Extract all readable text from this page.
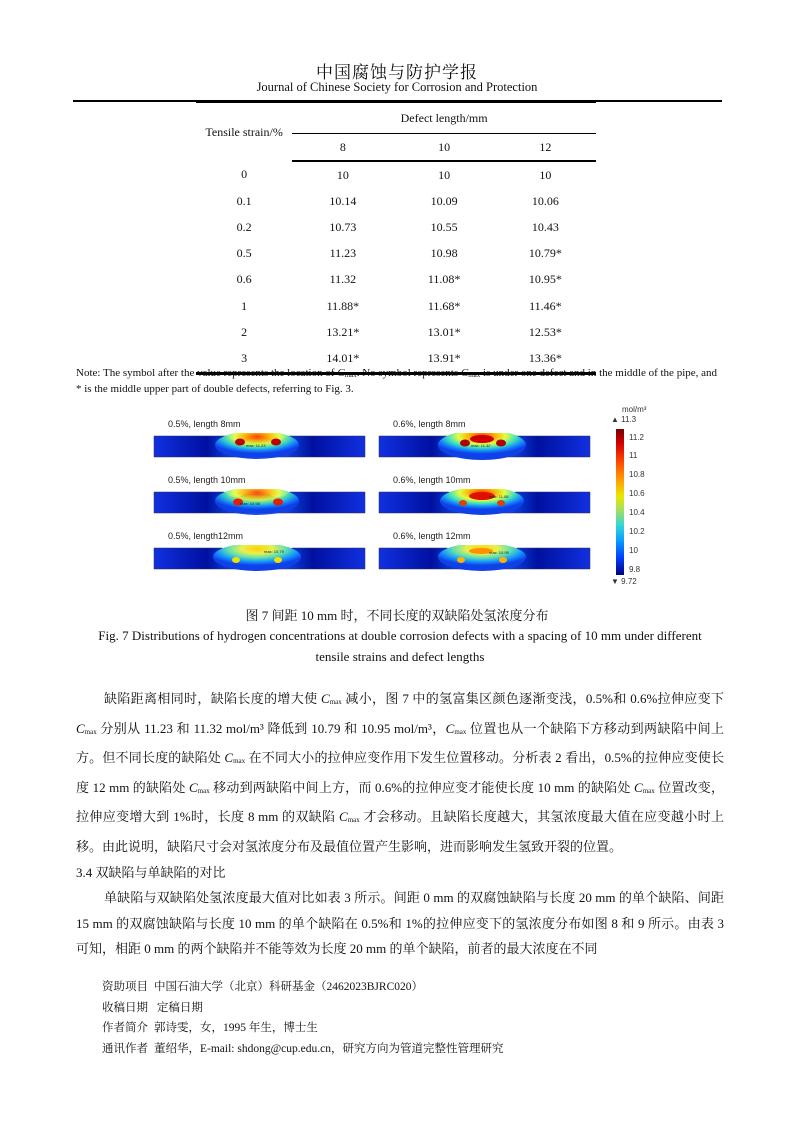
中国腐蚀与防护学报
Journal of Chinese Society for Corrosion and Protection
Tensile strain/%	Defect length/mm		
	8	10	12
0	10	10	10
0.1	10.14	10.09	10.06
0.2	10.73	10.55	10.43
0.5	11.23	10.98	10.79*
0.6	11.32	11.08*	10.95*
1	11.88*	11.68*	11.46*
2	13.21*	13.01*	12.53*
3	14.01*	13.91*	13.36*
Note: The symbol after the value represents the location of $C_{max}$. No symbol represents $C_{max}$ is under one defect and in the middle of the pipe, and * is the middle upper part of double defects, referring to Fig. 3.
0.5%, length 8mm
max: 11.23
0.6%, length 8mm
max: 11.32
0.5%, length 10mm
max: 10.98
0.6%, length 10mm
max: 11.08
0.5%, length12mm
max: 10.79
0.6%, length 12mm
max: 10.95
mol/m³
▲ 11.3
11.2
11
10.8
10.6
10.4
10.2
10
9.8
▼ 9.72
图 7 间距 10 mm 时，不同长度的双缺陷处氢浓度分布
Fig. 7 Distributions of hydrogen concentrations at double corrosion defects with a spacing of 10 mm under different tensile strains and defect lengths

缺陷距离相同时，缺陷长度的增大使 $C_{max}$ 减小，图 7 中的氢富集区颜色逐渐变浅，0.5%和 0.6%拉伸应变下 $C_{max}$ 分别从 11.23 和 11.32 mol/m³ 降低到 10.79 和 10.95 mol/m³，$C_{max}$ 位置也从一个缺陷下方移动到两缺陷中间上方。但不同长度的缺陷处 $C_{max}$ 在不同大小的拉伸应变作用下发生位置移动。分析表 2 看出，0.5%的拉伸应变使长度 12 mm 的缺陷处 $C_{max}$ 移动到两缺陷中间上方，而 0.6%的拉伸应变才能使长度 10 mm 的缺陷处 $C_{max}$ 位置改变，拉伸应变增大到 1%时，长度 8 mm 的双缺陷 $C_{max}$ 才会移动。且缺陷长度越大，其氢浓度最大值在应变越小时上移。由此说明，缺陷尺寸会对氢浓度分布及最值位置产生影响，进而影响发生氢致开裂的位置。

3.4 双缺陷与单缺陷的对比

单缺陷与双缺陷处氢浓度最大值对比如表 3 所示。间距 0 mm 的双腐蚀缺陷与长度 20 mm 的单个缺陷、间距 15 mm 的双腐蚀缺陷与长度 10 mm 的单个缺陷在 0.5%和 1%的拉伸应变下的氢浓度分布如图 8 和 9 所示。由表 3 可知，相距 0 mm 的两个缺陷并不能等效为长度 20 mm 的单个缺陷，前者的最大浓度在不同

资助项目 中国石油大学（北京）科研基金（2462023BJRC020）
收稿日期 定稿日期
作者简介 郭诗雯，女，1995 年生，博士生
通讯作者 董绍华，E-mail: shdong@cup.edu.cn，研究方向为管道完整性管理研究
